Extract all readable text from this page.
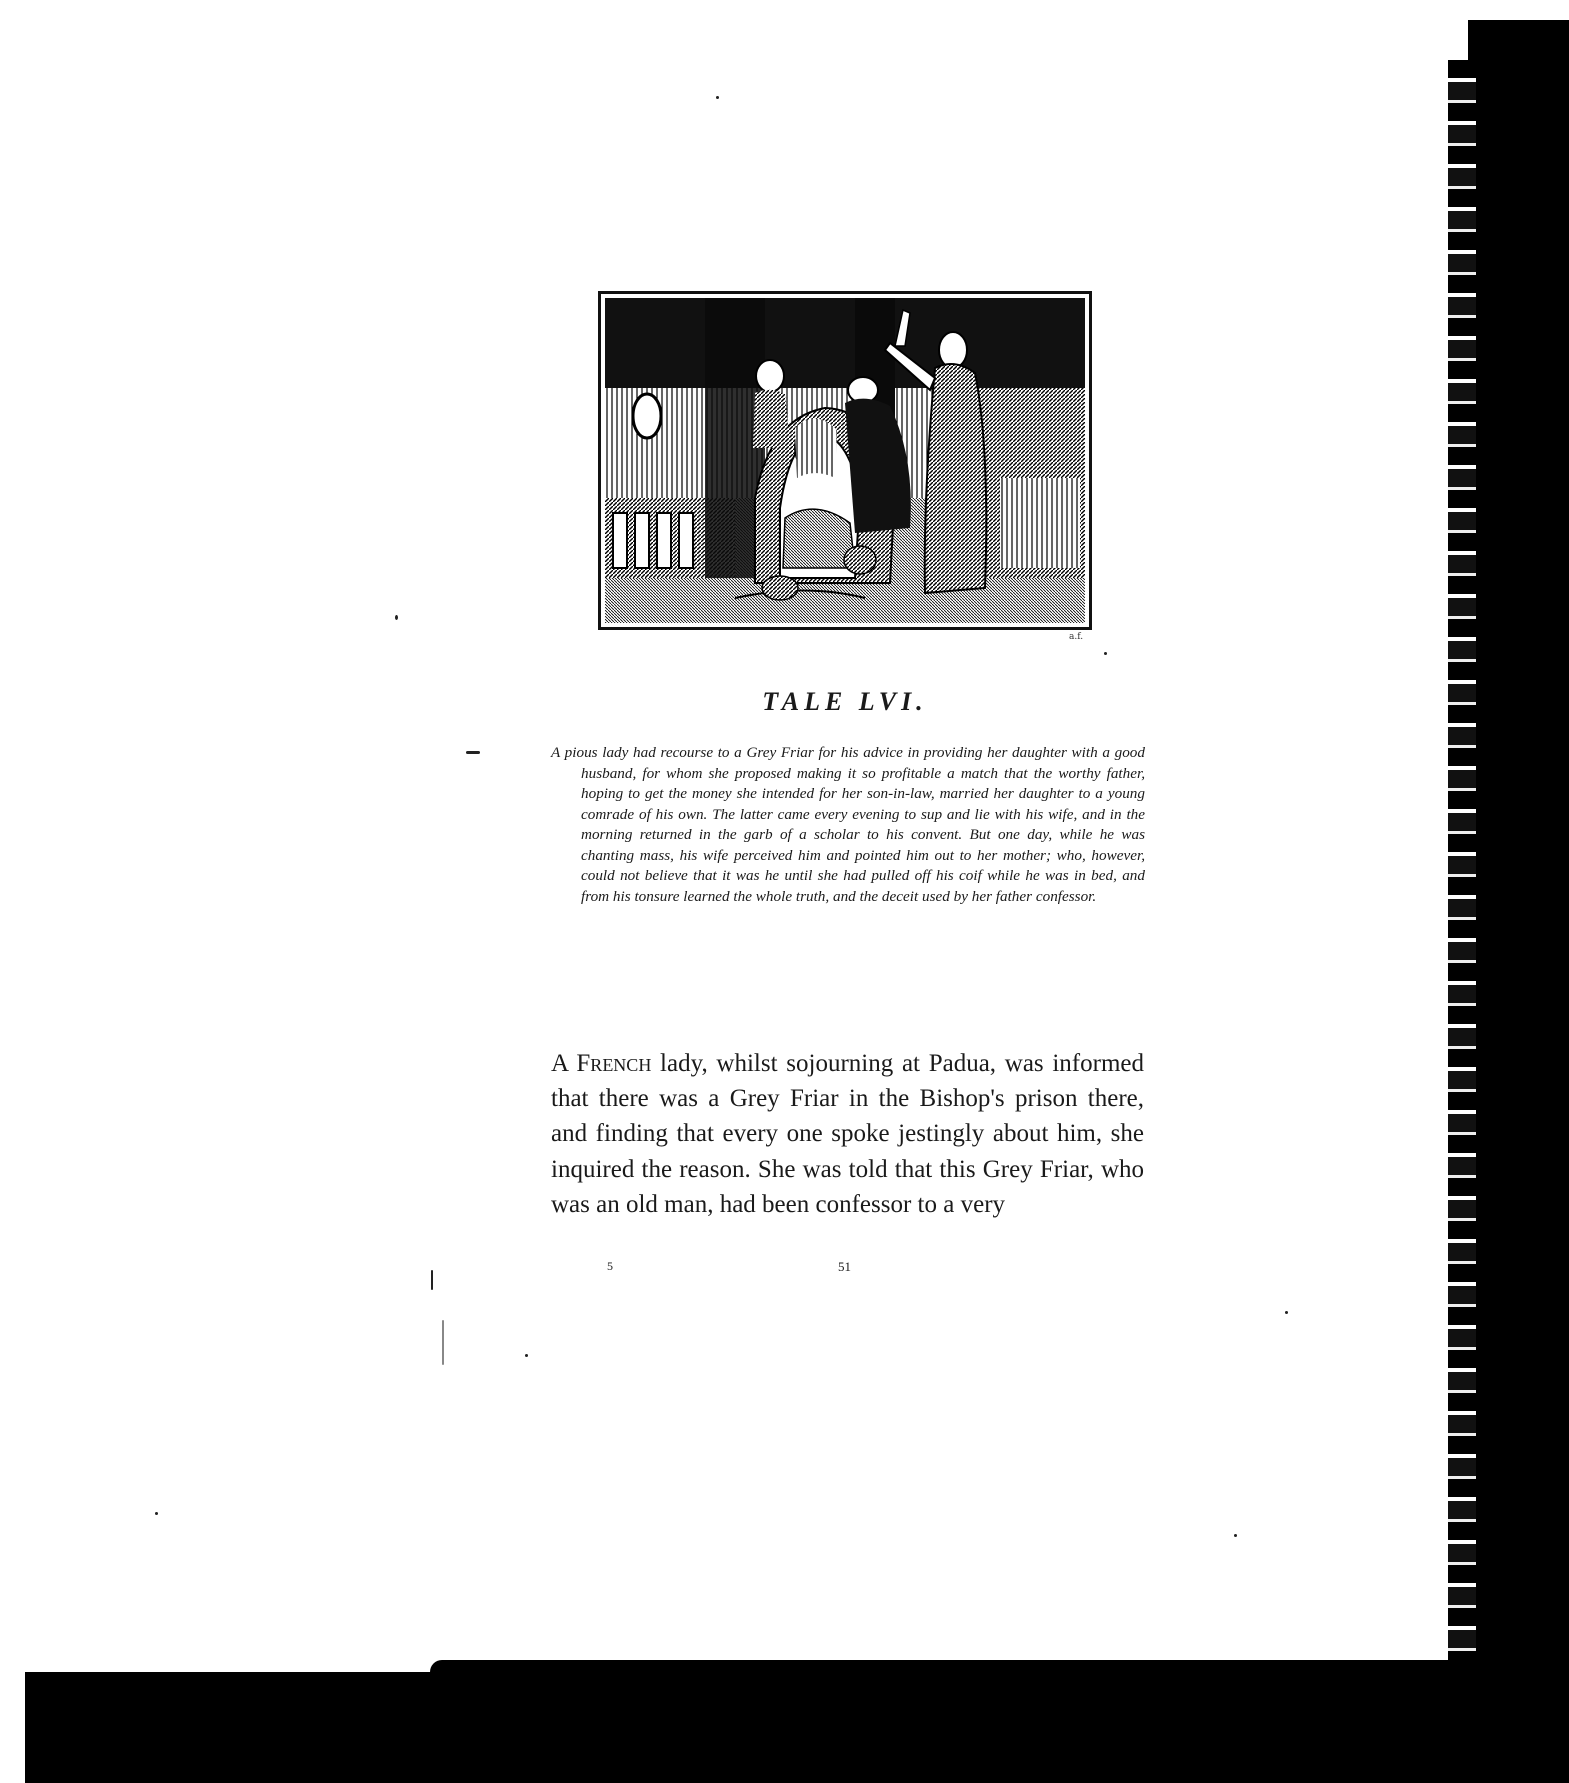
a.f.
TALE LVI.

A pious lady had recourse to a Grey Friar for his advice in providing her daughter with a good husband, for whom she proposed making it so profitable a match that the worthy father, hoping to get the money she intended for her son-in-law, married her daughter to a young comrade of his own. The latter came every evening to sup and lie with his wife, and in the morning returned in the garb of a scholar to his convent. But one day, while he was chanting mass, his wife perceived him and pointed him out to her mother; who, however, could not believe that it was he until she had pulled off his coif while he was in bed, and from his tonsure learned the whole truth, and the deceit used by her father confessor.

A French lady, whilst sojourning at Padua, was informed that there was a Grey Friar in the Bishop's prison there, and finding that every one spoke jestingly about him, she inquired the reason. She was told that this Grey Friar, who was an old man, had been confessor to a very

5	51
